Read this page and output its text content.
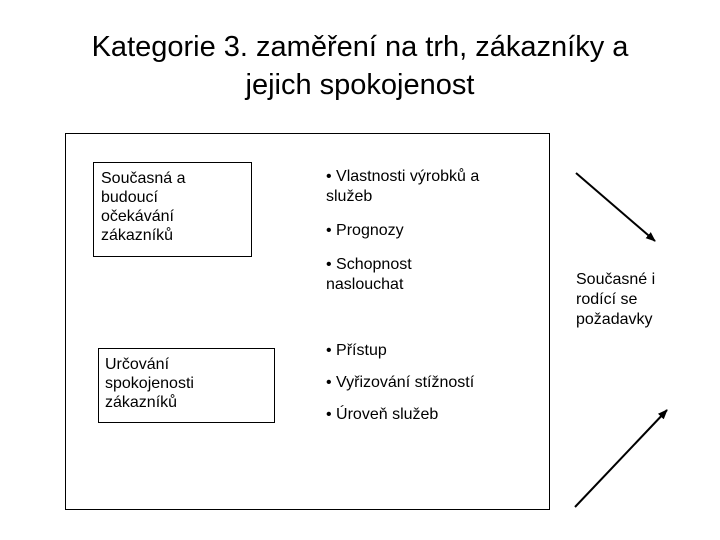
Kategorie 3. zaměření na trh, zákazníky a
jejich spokojenost
Současná a
budoucí
očekávání
zákazníků
Určování
spokojenosti
zákazníků
• Vlastnosti výrobků a
služeb
• Prognozy
• Schopnost
naslouchat
• Přístup
• Vyřizování stížností
• Úroveň služeb
Současné i
rodící se
požadavky
